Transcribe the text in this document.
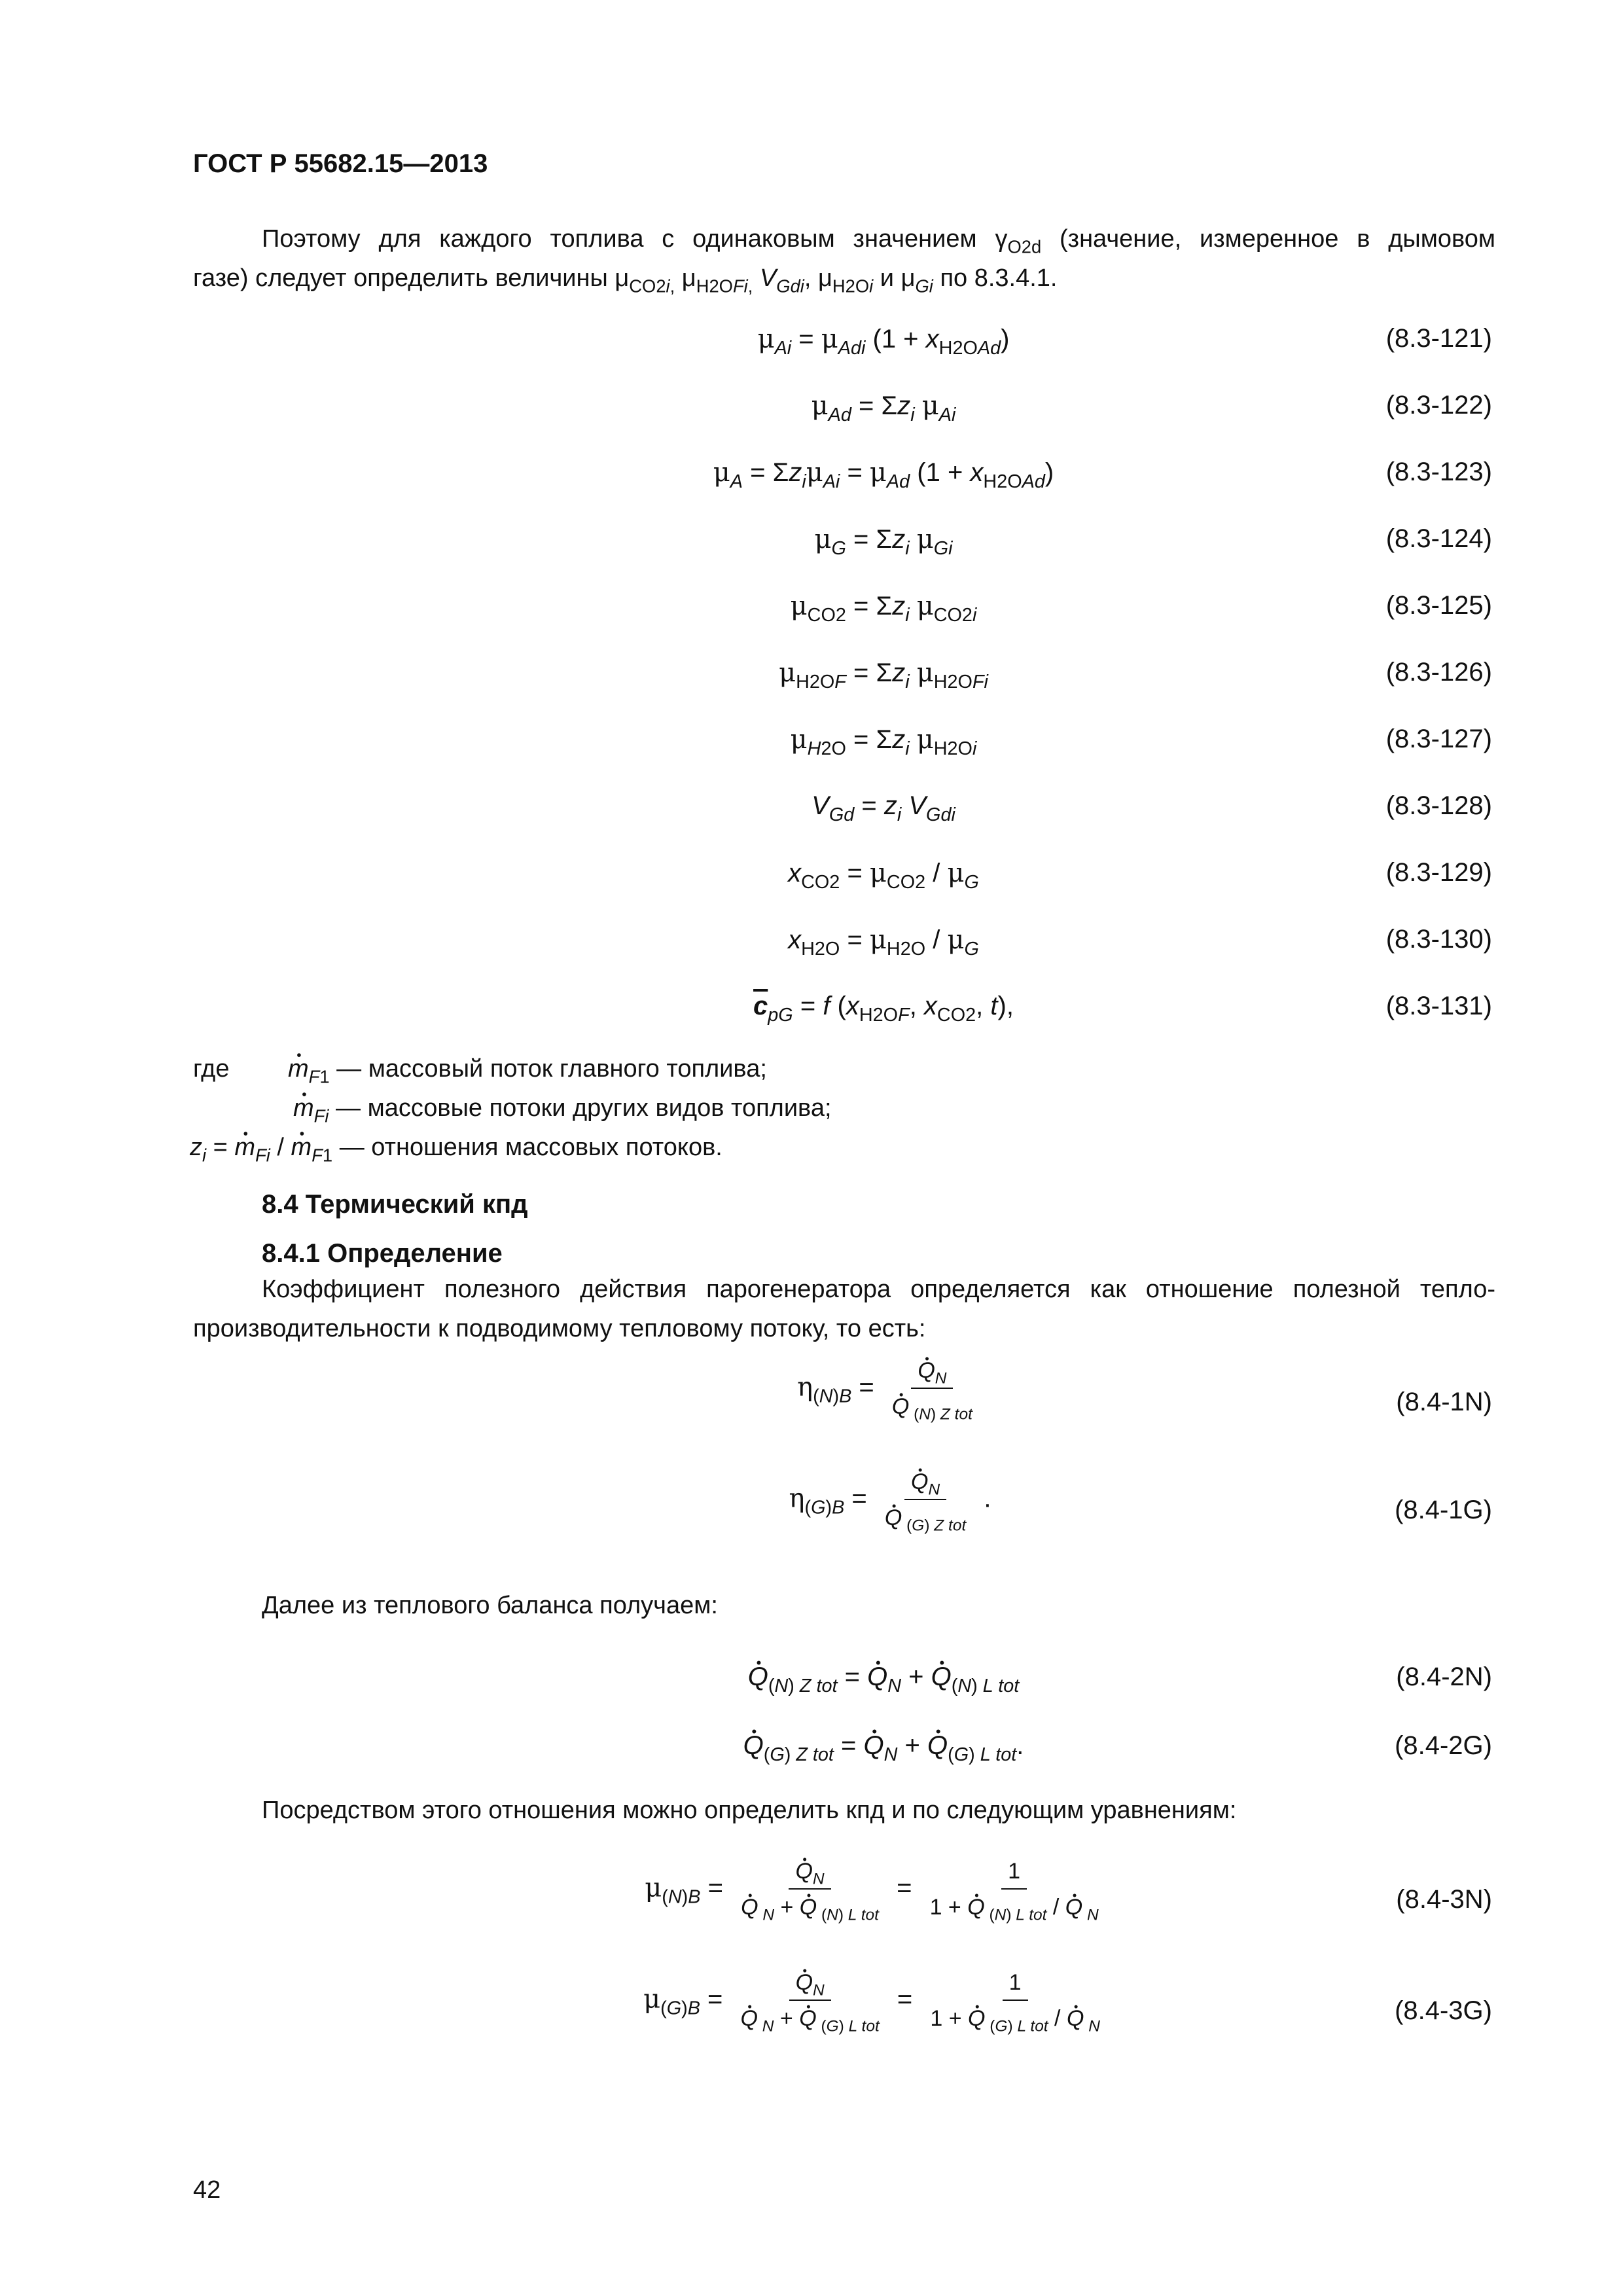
ГОСТ Р 55682.15—2013
Поэтому для каждого топлива с одинаковым значением $\gamma_{O2d}$ (значение, измеренное в дымовом
газе) следует определить величины $\mu_{CO2i,}$ $\mu_{H2OFi,}$ $V_{Gdi}$, $\mu_{H2Oi}$ и $\mu_{Gi}$ по 8.3.4.1.
$\mu_{Ai} = \mu_{Adi}$ $(1 + x_{H2OAd})$	(8.3-121)
$\mu_{Ad} = \Sigma z_i$ $\mu_{Ai}$	(8.3-122)
$\mu_A = \Sigma z_i\mu_{Ai} = \mu_{Ad}$ $(1 + x_{H2OAd})$	(8.3-123)
$\mu_G = \Sigma z_i$ $\mu_{Gi}$	(8.3-124)
$\mu_{CO2} = \Sigma z_i$ $\mu_{CO2i}$	(8.3-125)
$\mu_{H2OF} = \Sigma z_i$ $\mu_{H2OFi}$	(8.3-126)
$\mu_{H2O} = \Sigma z_i$ $\mu_{H2Oi}$	(8.3-127)
$V_{Gd} = z_i$ $V_{Gdi}$	(8.3-128)
$x_{CO2} = \mu_{CO2} / \mu_G$	(8.3-129)
$x_{H2O} = \mu_{H2O} / \mu_G$	(8.3-130)
$\overline{c}_{pG} = f$ ($x_{H2OF}$, $x_{CO2}$, t),	(8.3-131)
где • $m_{F1}$ — массовый поток главного топлива;
• $m_{Fi}$ — массовые потоки других видов топлива;
$z_i$ = • $m_{Fi}$ / • $m_{F1}$ — отношения массовых потоков.
8.4 Термический кпд
8.4.1 Определение
Коэффициент полезного действия парогенератора определяется как отношение полезной тепло-
производительности к подводимому тепловому потоку, то есть:
$\eta_{(N)B}$ = • $Q_N$
• Q $_{(N) Z tot}$	(8.4-1N)
$\eta_{(G)B}$ = • $Q_N$
• Q $_{(G) Z tot}$ .	(8.4-1G)
Далее из теплового баланса получаем:
• $Q_{(N) Z tot}$ = • $Q_N$ + • $Q_{(N) L tot}$	(8.4-2N)
• $Q_{(G) Z tot}$ = • $Q_N$ + • $Q_{(G) L tot}$.	(8.4-2G)
Посредством этого отношения можно определить кпд и по следующим уравнениям:
$\mu_{(N)B}$ = • $Q_N$
• Q $_N$ + • Q $_{(N) L tot} = \frac{1}{1 + • Q _{(N) L tot} / • Q _N}$	(8.4-3N)
$\mu_{(G)B}$ = • $Q_N$
• Q $_N$ + • Q $_{(G) L tot} = \frac{1}{1 + • Q _{(G) L tot} / • Q _N}$	(8.4-3G)
42
